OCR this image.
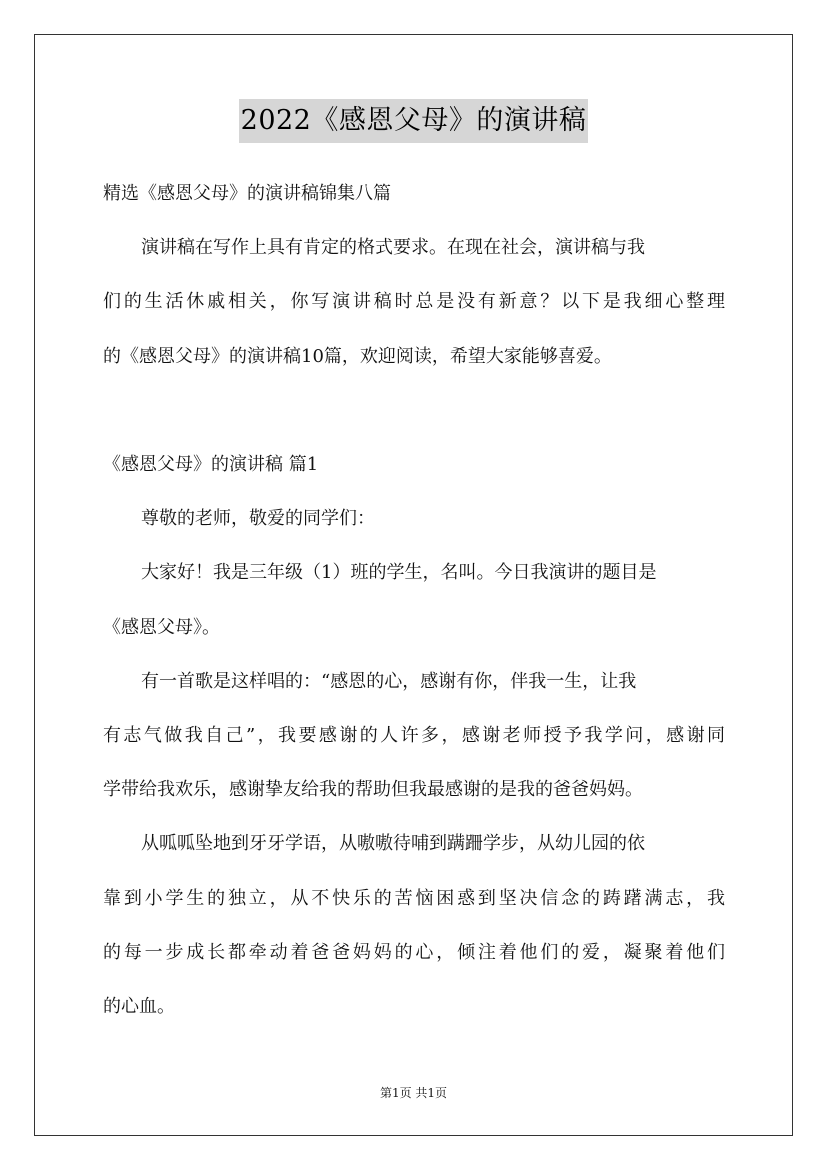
2022《感恩父母》的演讲稿
精选《感恩父母》的演讲稿锦集八篇
演讲稿在写作上具有肯定的格式要求。在现在社会，演讲稿与我
们的生活休戚相关，你写演讲稿时总是没有新意？以下是我细心整理
的《感恩父母》的演讲稿10篇，欢迎阅读，希望大家能够喜爱。
《感恩父母》的演讲稿 篇1
尊敬的老师，敬爱的同学们：
大家好！我是三年级（1）班的学生，名叫。今日我演讲的题目是
《感恩父母》。
有一首歌是这样唱的：“感恩的心，感谢有你，伴我一生，让我
有志气做我自己”，我要感谢的人许多，感谢老师授予我学问，感谢同
学带给我欢乐，感谢挚友给我的帮助但我最感谢的是我的爸爸妈妈。
从呱呱坠地到牙牙学语，从嗷嗷待哺到蹒跚学步，从幼儿园的依
靠到小学生的独立，从不快乐的苦恼困惑到坚决信念的踌躇满志，我
的每一步成长都牵动着爸爸妈妈的心，倾注着他们的爱，凝聚着他们
的心血。
第1页 共1页
